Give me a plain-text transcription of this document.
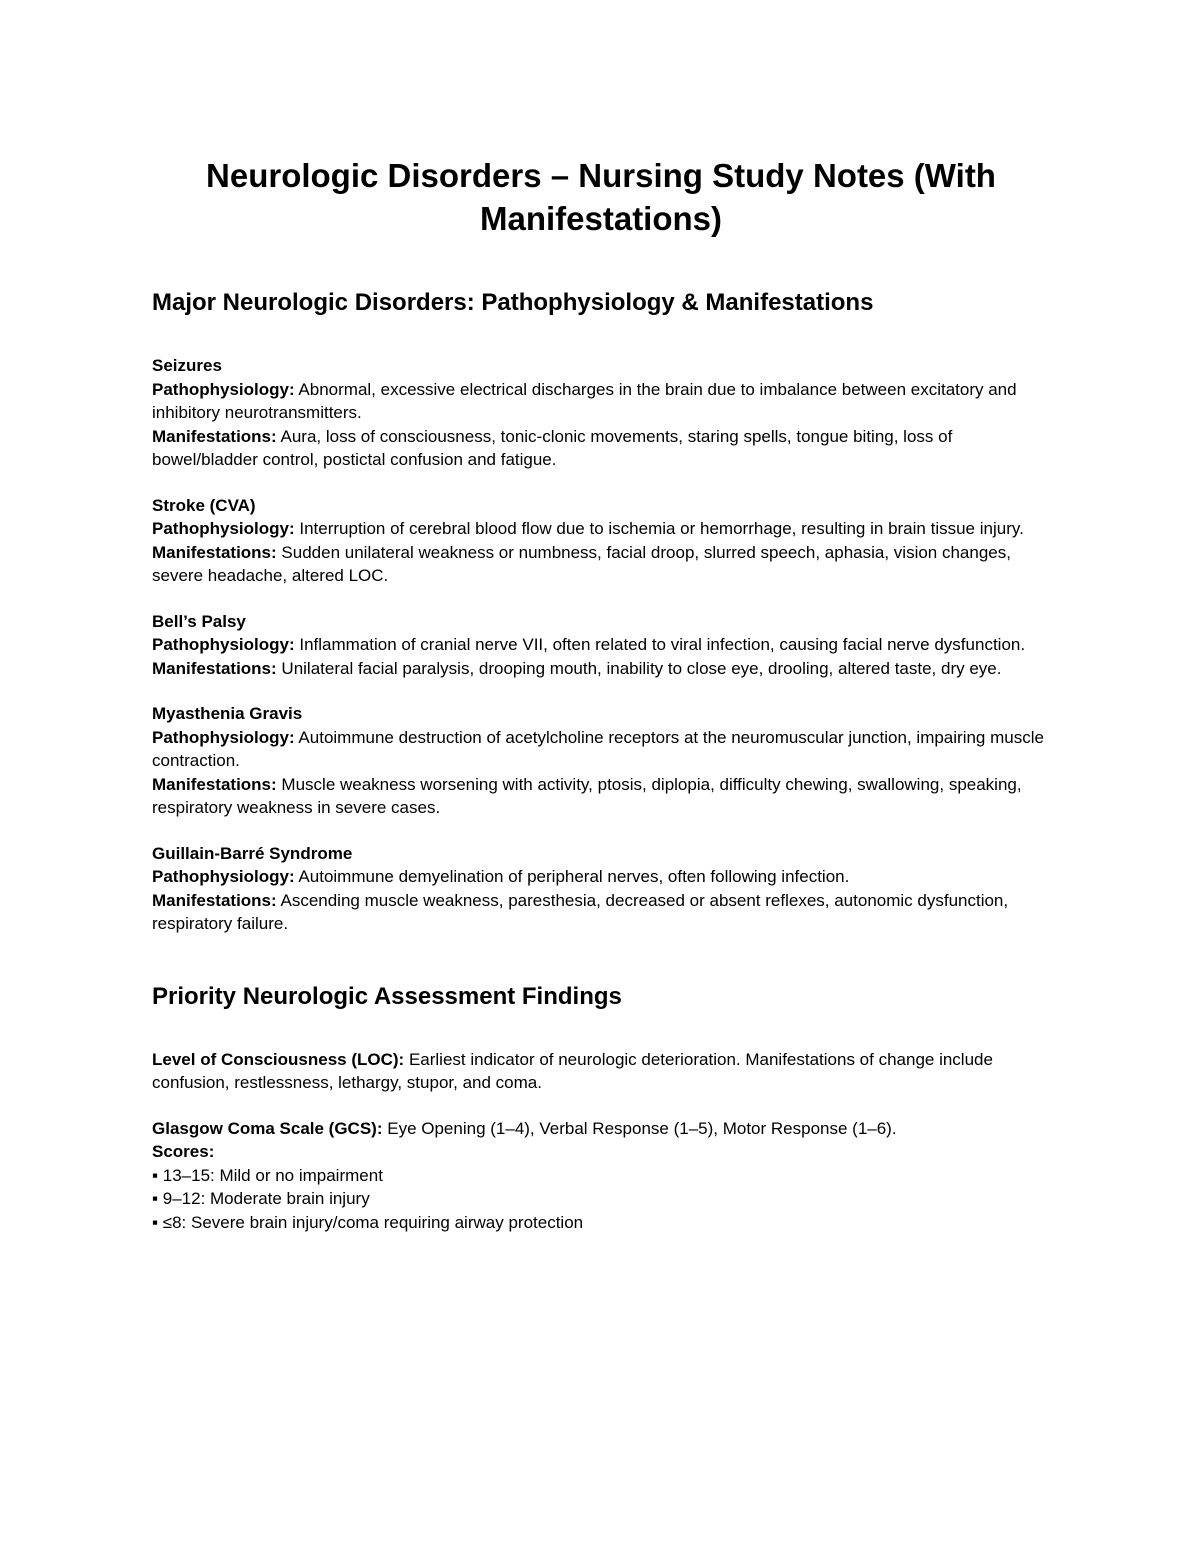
Neurologic Disorders – Nursing Study Notes (With Manifestations)
Major Neurologic Disorders: Pathophysiology & Manifestations
Seizures

Pathophysiology: Abnormal, excessive electrical discharges in the brain due to imbalance between excitatory and inhibitory neurotransmitters.

Manifestations: Aura, loss of consciousness, tonic-clonic movements, staring spells, tongue biting, loss of bowel/bladder control, postictal confusion and fatigue.

Stroke (CVA)

Pathophysiology: Interruption of cerebral blood flow due to ischemia or hemorrhage, resulting in brain tissue injury.

Manifestations: Sudden unilateral weakness or numbness, facial droop, slurred speech, aphasia, vision changes, severe headache, altered LOC.

Bell’s Palsy

Pathophysiology: Inflammation of cranial nerve VII, often related to viral infection, causing facial nerve dysfunction.

Manifestations: Unilateral facial paralysis, drooping mouth, inability to close eye, drooling, altered taste, dry eye.

Myasthenia Gravis

Pathophysiology: Autoimmune destruction of acetylcholine receptors at the neuromuscular junction, impairing muscle contraction.

Manifestations: Muscle weakness worsening with activity, ptosis, diplopia, difficulty chewing, swallowing, speaking, respiratory weakness in severe cases.

Guillain-Barré Syndrome

Pathophysiology: Autoimmune demyelination of peripheral nerves, often following infection.

Manifestations: Ascending muscle weakness, paresthesia, decreased or absent reflexes, autonomic dysfunction, respiratory failure.

Priority Neurologic Assessment Findings

Level of Consciousness (LOC): Earliest indicator of neurologic deterioration. Manifestations of change include confusion, restlessness, lethargy, stupor, and coma.

Glasgow Coma Scale (GCS): Eye Opening (1–4), Verbal Response (1–5), Motor Response (1–6).

Scores:
▪ 13–15: Mild or no impairment
▪ 9–12: Moderate brain injury
▪ ≤8: Severe brain injury/coma requiring airway protection
